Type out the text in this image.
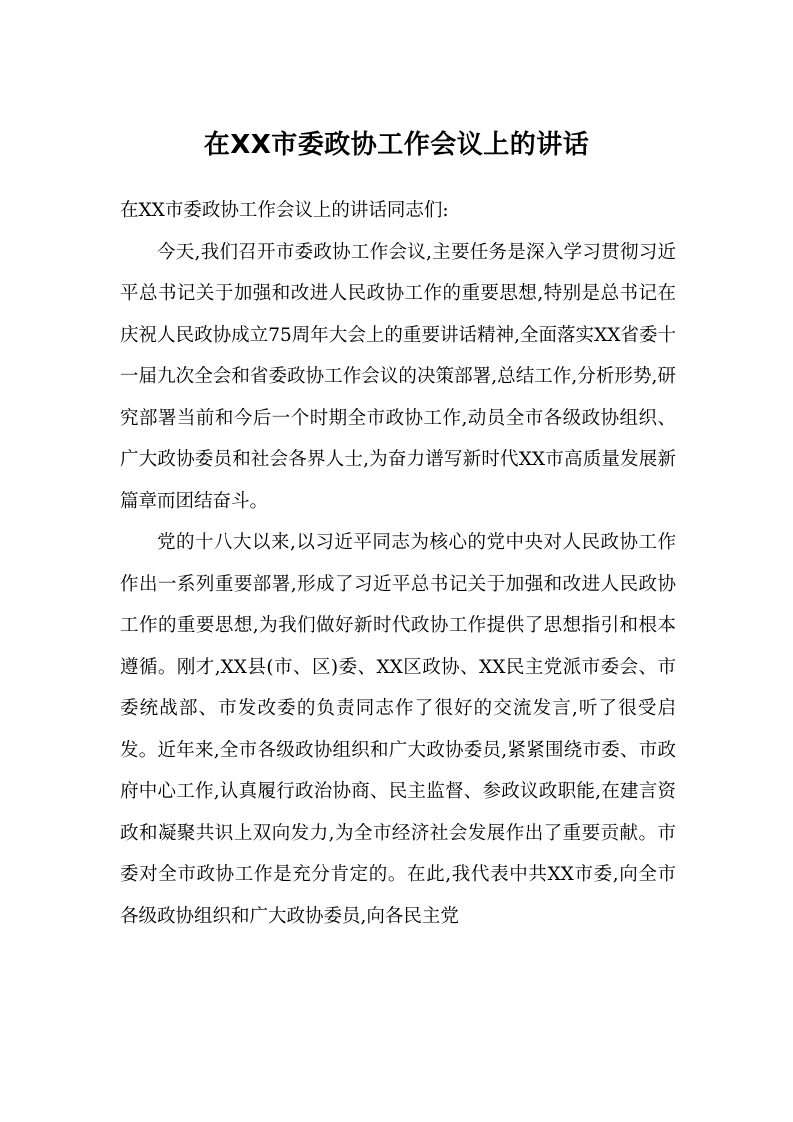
在XX市委政协工作会议上的讲话

在XX市委政协工作会议上的讲话同志们:

今天,我们召开市委政协工作会议,主要任务是深入学习贯彻习近平总书记关于加强和改进人民政协工作的重要思想,特别是总书记在庆祝人民政协成立75周年大会上的重要讲话精神,全面落实XX省委十一届九次全会和省委政协工作会议的决策部署,总结工作,分析形势,研究部署当前和今后一个时期全市政协工作,动员全市各级政协组织、广大政协委员和社会各界人士,为奋力谱写新时代XX市高质量发展新篇章而团结奋斗。

党的十八大以来,以习近平同志为核心的党中央对人民政协工作作出一系列重要部署,形成了习近平总书记关于加强和改进人民政协工作的重要思想,为我们做好新时代政协工作提供了思想指引和根本遵循。刚才,XX县(市、区)委、XX区政协、XX民主党派市委会、市委统战部、市发改委的负责同志作了很好的交流发言,听了很受启发。近年来,全市各级政协组织和广大政协委员,紧紧围绕市委、市政府中心工作,认真履行政治协商、民主监督、参政议政职能,在建言资政和凝聚共识上双向发力,为全市经济社会发展作出了重要贡献。市委对全市政协工作是充分肯定的。在此,我代表中共XX市委,向全市各级政协组织和广大政协委员,向各民主党
